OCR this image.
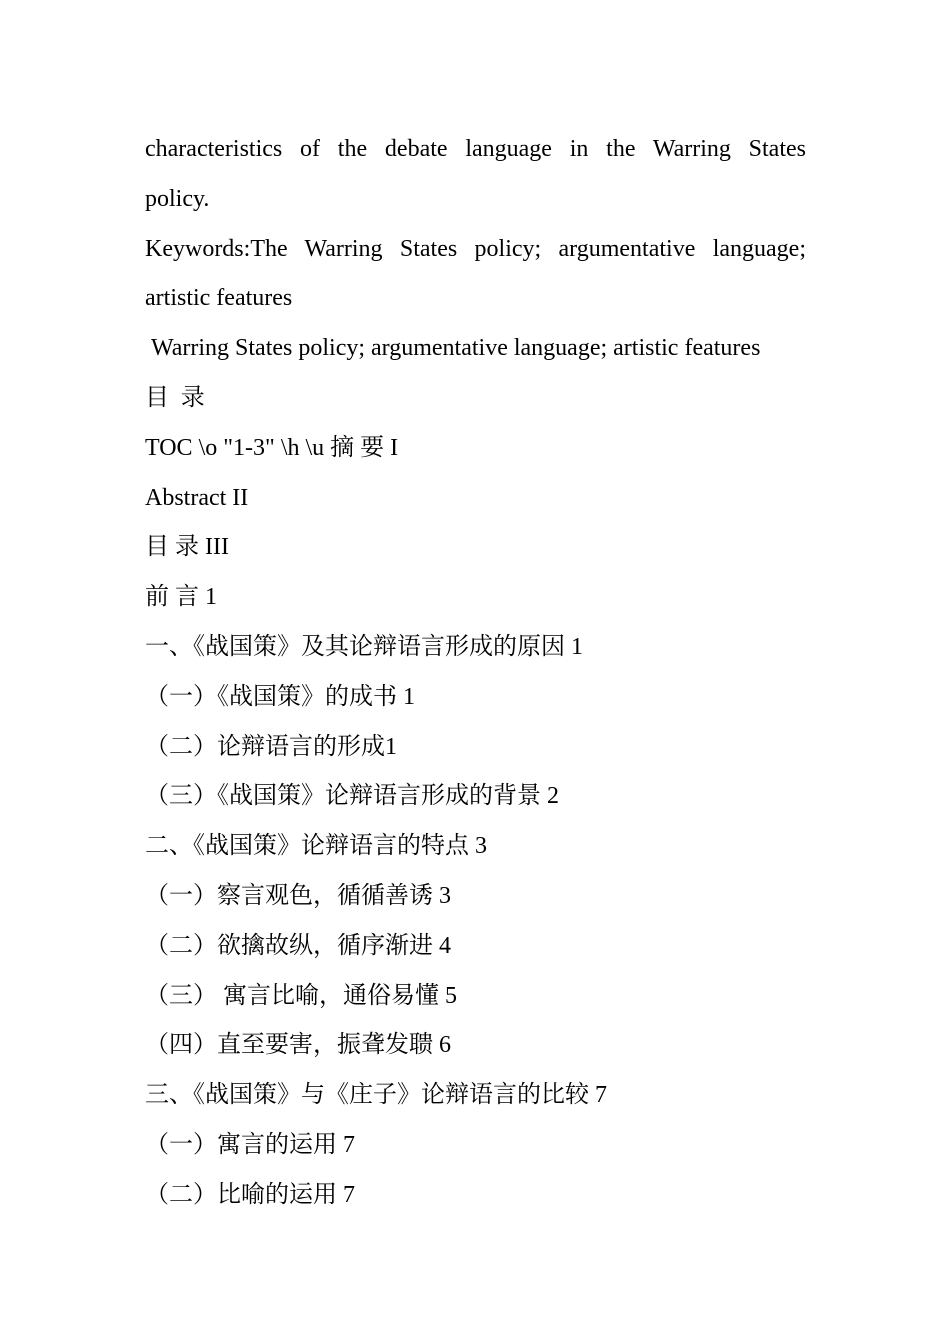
characteristics of the debate language in the Warring States
policy.
Keywords:The Warring States policy; argumentative language;
artistic features
Warring States policy; argumentative language; artistic features
目 录
TOC \o "1-3" \h \u 摘 要 I
Abstract II
目 录 III
前 言 1
一、《战国策》及其论辩语言形成的原因 1
（一）《战国策》的成书 1
（二）论辩语言的形成1
（三）《战国策》论辩语言形成的背景 2
二、《战国策》论辩语言的特点 3
（一）察言观色，循循善诱 3
（二）欲擒故纵，循序渐进 4
（三） 寓言比喻，通俗易懂 5
（四）直至要害，振聋发聩 6
三、《战国策》与《庄子》论辩语言的比较 7
（一）寓言的运用 7
（二）比喻的运用 7
